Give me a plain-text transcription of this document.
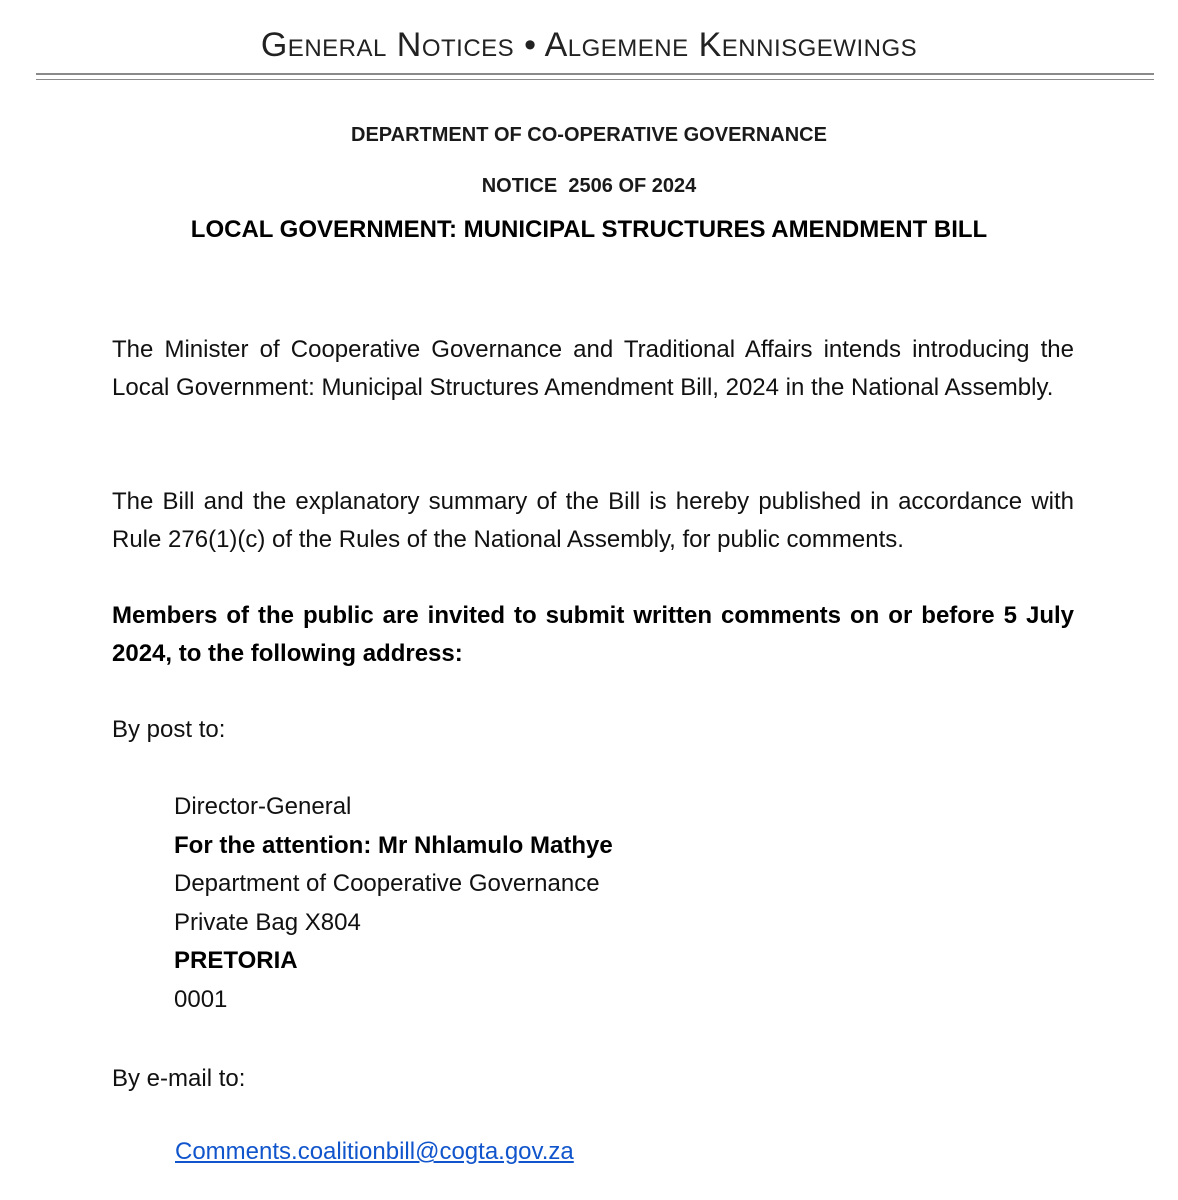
General Notices • Algemene Kennisgewings
DEPARTMENT OF CO-OPERATIVE GOVERNANCE
NOTICE  2506 OF 2024
LOCAL GOVERNMENT: MUNICIPAL STRUCTURES AMENDMENT BILL

The Minister of Cooperative Governance and Traditional Affairs intends introducing the Local Government: Municipal Structures Amendment Bill, 2024 in the National Assembly.

The Bill and the explanatory summary of the Bill is hereby published in accordance with Rule 276(1)(c) of the Rules of the National Assembly, for public comments.

Members of the public are invited to submit written comments on or before 5 July 2024, to the following address:

By post to:

Director-General
For the attention: Mr Nhlamulo Mathye
Department of Cooperative Governance
Private Bag X804
PRETORIA
0001

By e-mail to:

Comments.coalitionbill@cogta.gov.za
